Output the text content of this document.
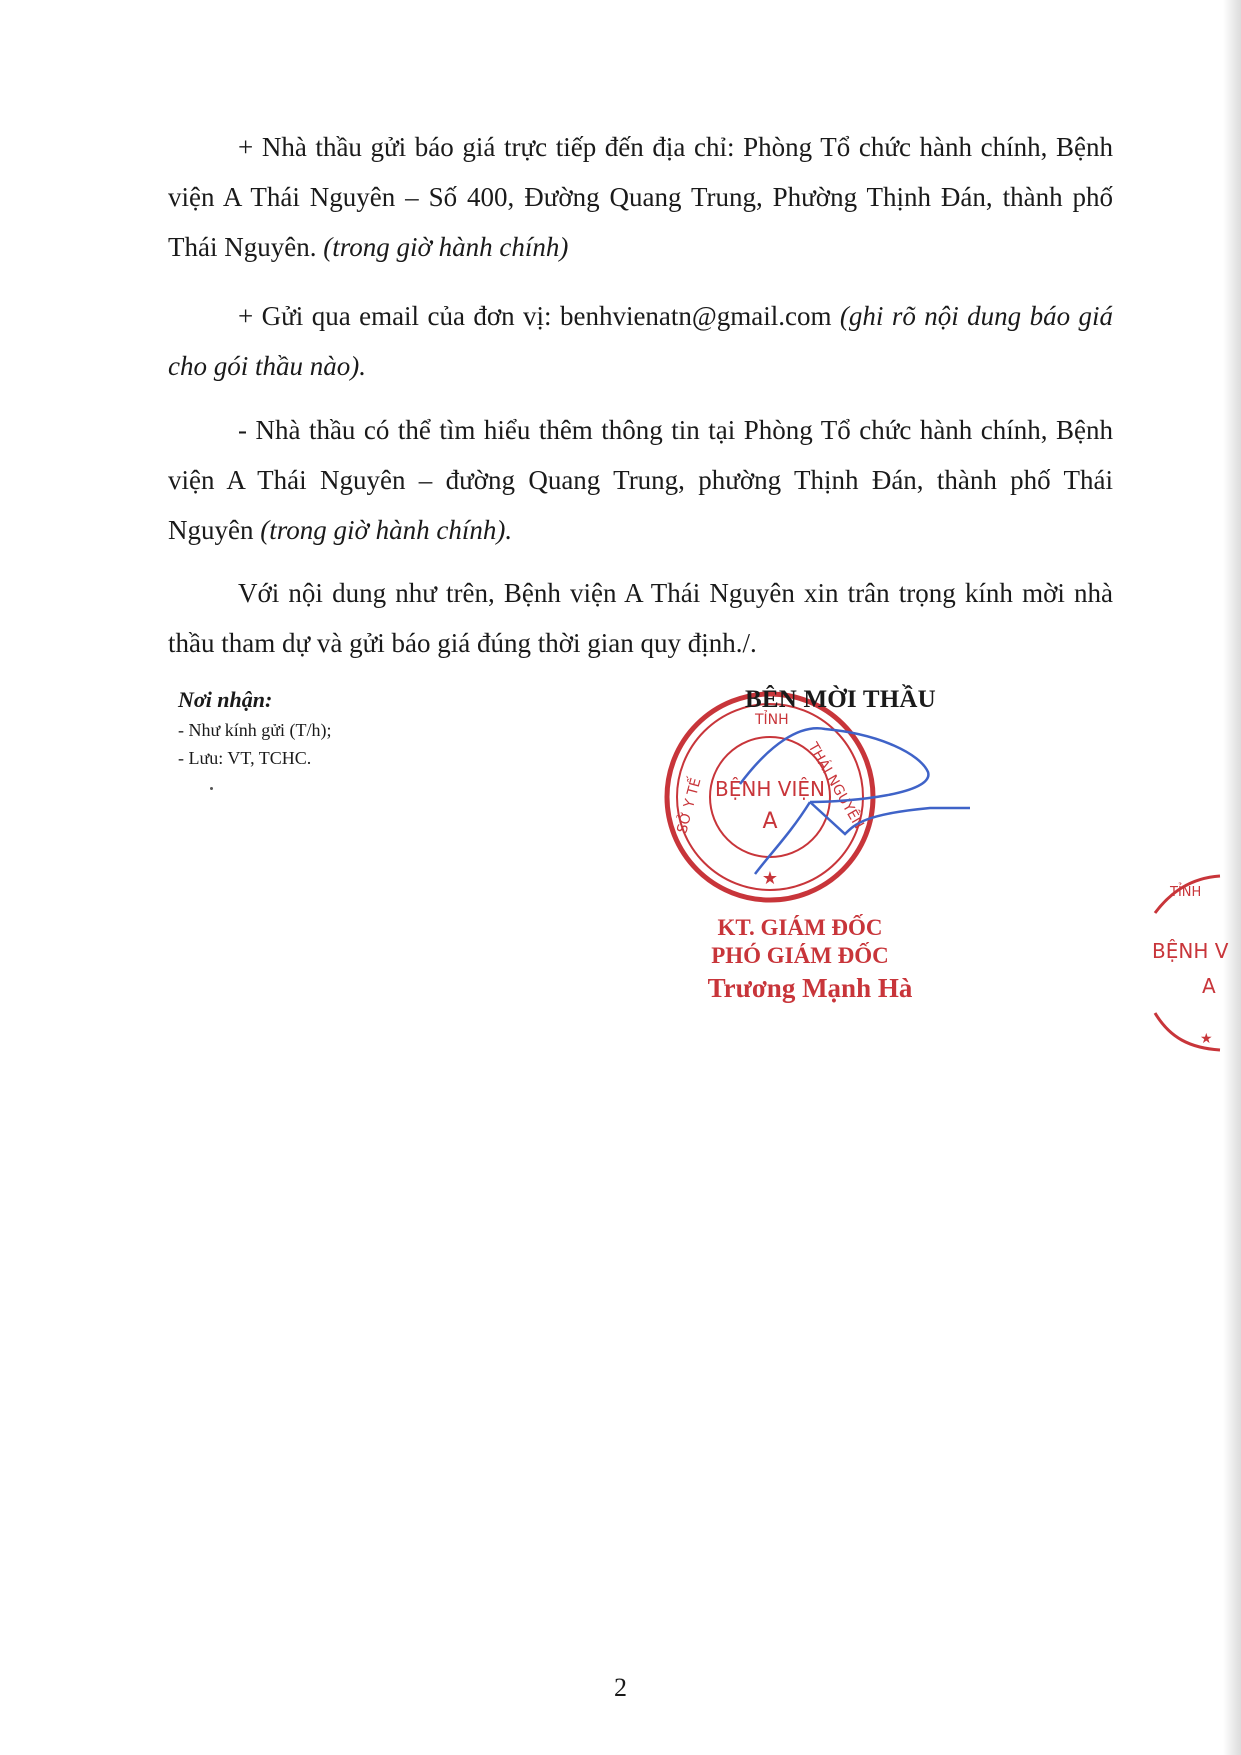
+ Nhà thầu gửi báo giá trực tiếp đến địa chỉ: Phòng Tổ chức hành chính, Bệnh viện A Thái Nguyên – Số 400, Đường Quang Trung, Phường Thịnh Đán, thành phố Thái Nguyên. (trong giờ hành chính)
+ Gửi qua email của đơn vị: benhvienatn@gmail.com (ghi rõ nội dung báo giá cho gói thầu nào).
- Nhà thầu có thể tìm hiểu thêm thông tin tại Phòng Tổ chức hành chính, Bệnh viện A Thái Nguyên – đường Quang Trung, phường Thịnh Đán, thành phố Thái Nguyên (trong giờ hành chính).
Với nội dung như trên, Bệnh viện A Thái Nguyên xin trân trọng kính mời nhà thầu tham dự và gửi báo giá đúng thời gian quy định./.
Nơi nhận:
- Như kính gửi (T/h);
- Lưu: VT, TCHC.
TỈNH
THÁI NGUYÊN
SỞ Y TẾ BỆNH VIỆN
A
★
BÊN MỜI THẦU
KT. GIÁM ĐỐC
PHÓ GIÁM ĐỐC
Trương Mạnh Hà
TỈNH
BỆNH V
A
★
2
